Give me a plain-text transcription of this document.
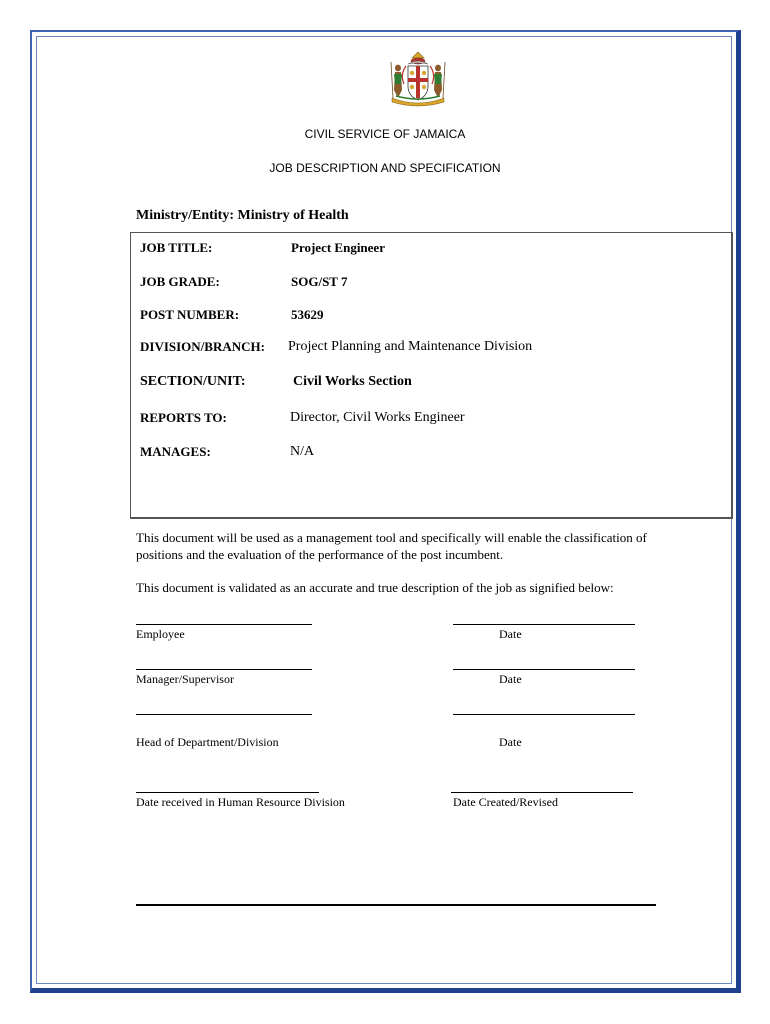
CIVIL SERVICE OF JAMAICA
JOB DESCRIPTION AND SPECIFICATION
Ministry/Entity: Ministry of Health
JOB TITLE:	Project Engineer
JOB GRADE:	SOG/ST 7
POST NUMBER:	53629
DIVISION/BRANCH: Project Planning and Maintenance Division
SECTION/UNIT:	Civil Works Section
REPORTS TO:	Director, Civil Works Engineer
MANAGES:	N/A
This document will be used as a management tool and specifically will enable the classification of positions and the evaluation of the performance of the post incumbent.
This document is validated as an accurate and true description of the job as signified below:
Employee	Date
Manager/Supervisor	Date
Head of Department/Division	Date
Date received in Human Resource Division	Date Created/Revised
